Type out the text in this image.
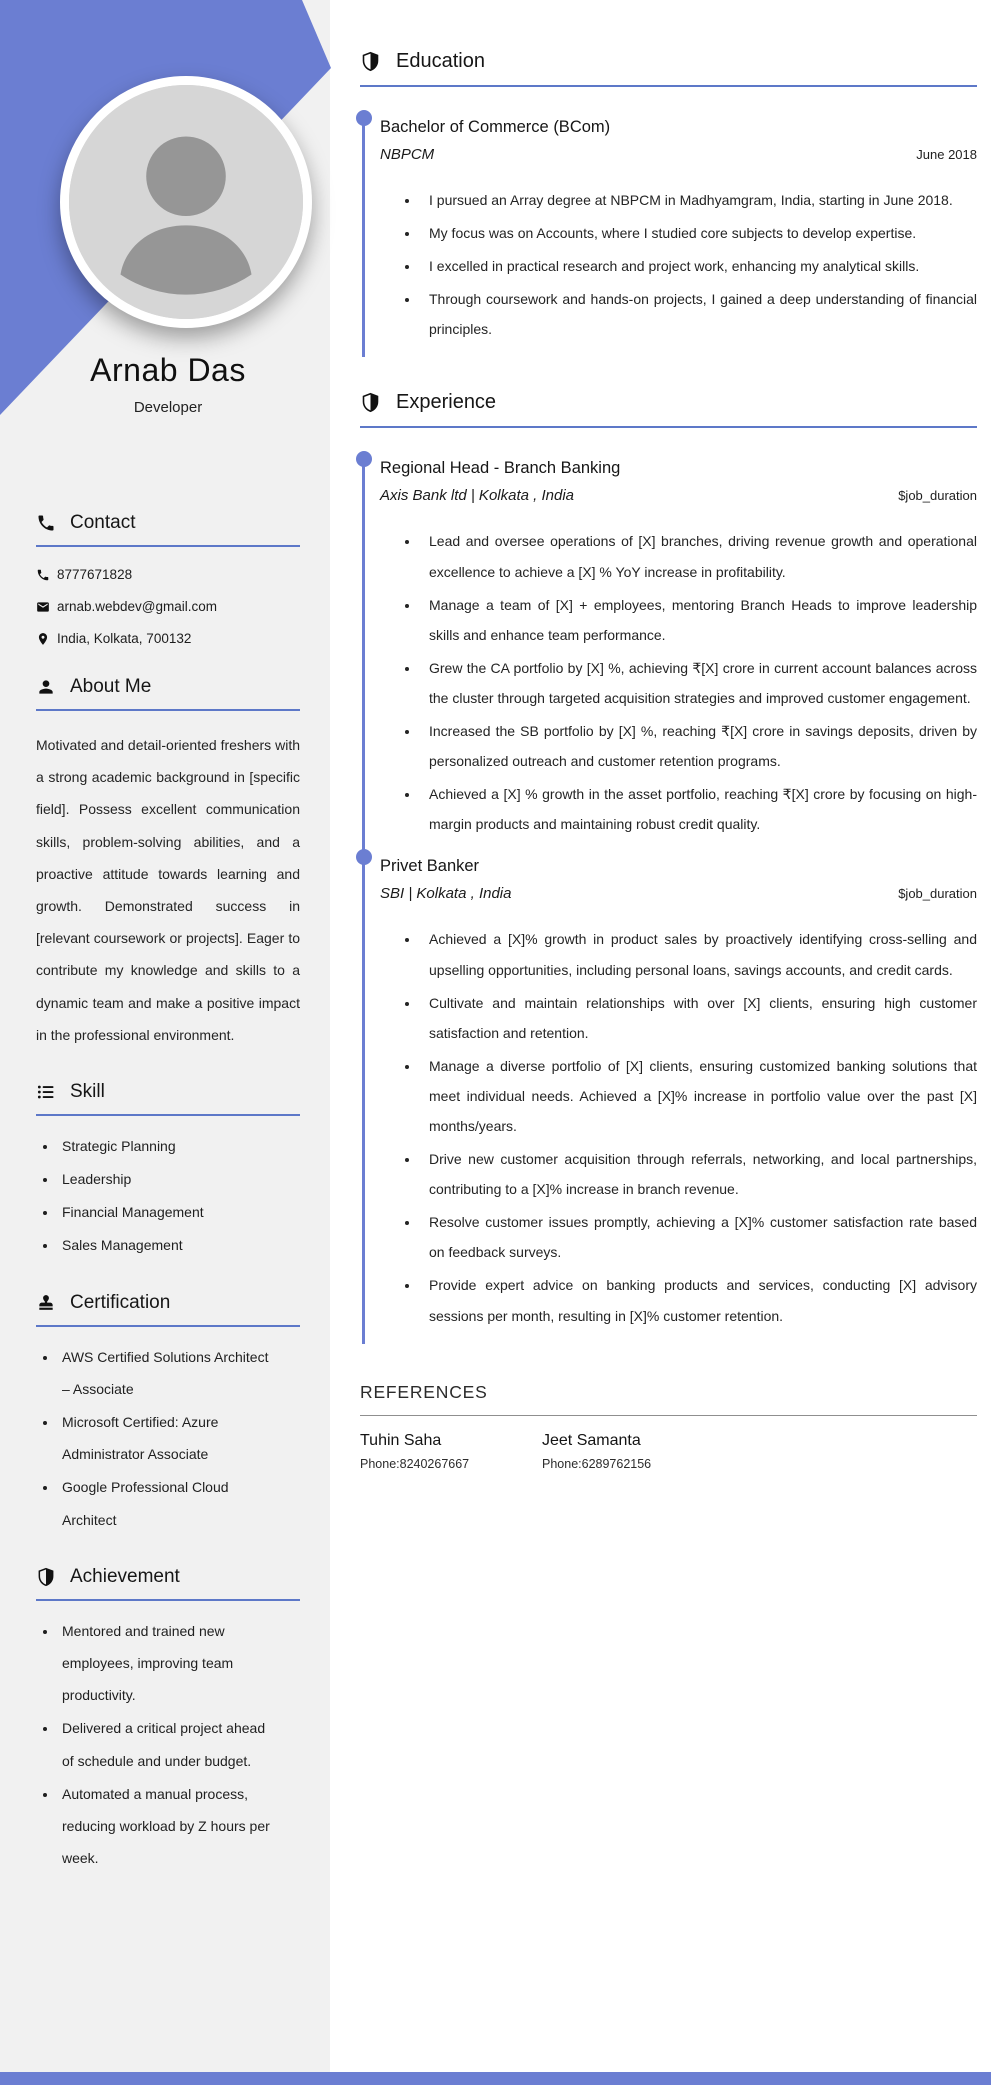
Arnab Das
Developer
Contact
8777671828
arnab.webdev@gmail.com
India, Kolkata, 700132
About Me

Motivated and detail-oriented freshers with a strong academic background in [specific field]. Possess excellent communication skills, problem-solving abilities, and a proactive attitude towards learning and growth. Demonstrated success in [relevant coursework or projects]. Eager to contribute my knowledge and skills to a dynamic team and make a positive impact in the professional environment.

Skill
• Strategic Planning
• Leadership
• Financial Management
• Sales Management
Certification
• AWS Certified Solutions Architect – Associate
• Microsoft Certified: Azure Administrator Associate
• Google Professional Cloud Architect
Achievement
• Mentored and trained new employees, improving team productivity.
• Delivered a critical project ahead of schedule and under budget.
• Automated a manual process, reducing workload by Z hours per week.
Education
Bachelor of Commerce (BCom)
NBPCM	June 2018
• I pursued an Array degree at NBPCM in Madhyamgram, India, starting in June 2018.
• My focus was on Accounts, where I studied core subjects to develop expertise.
• I excelled in practical research and project work, enhancing my analytical skills.
• Through coursework and hands-on projects, I gained a deep understanding of financial principles.
Experience
Regional Head - Branch Banking
Axis Bank ltd | Kolkata , India	$job_duration
• Lead and oversee operations of [X] branches, driving revenue growth and operational excellence to achieve a [X] % YoY increase in profitability.
• Manage a team of [X] + employees, mentoring Branch Heads to improve leadership skills and enhance team performance.
• Grew the CA portfolio by [X] %, achieving ₹[X] crore in current account balances across the cluster through targeted acquisition strategies and improved customer engagement.
• Increased the SB portfolio by [X] %, reaching ₹[X] crore in savings deposits, driven by personalized outreach and customer retention programs.
• Achieved a [X] % growth in the asset portfolio, reaching ₹[X] crore by focusing on high-margin products and maintaining robust credit quality.
Privet Banker
SBI | Kolkata , India	$job_duration
• Achieved a [X]% growth in product sales by proactively identifying cross-selling and upselling opportunities, including personal loans, savings accounts, and credit cards.
• Cultivate and maintain relationships with over [X] clients, ensuring high customer satisfaction and retention.
• Manage a diverse portfolio of [X] clients, ensuring customized banking solutions that meet individual needs. Achieved a [X]% increase in portfolio value over the past [X] months/years.
• Drive new customer acquisition through referrals, networking, and local partnerships, contributing to a [X]% increase in branch revenue.
• Resolve customer issues promptly, achieving a [X]% customer satisfaction rate based on feedback surveys.
• Provide expert advice on banking products and services, conducting [X] advisory sessions per month, resulting in [X]% customer retention.
REFERENCES
Tuhin Saha
Phone:8240267667
Jeet Samanta
Phone:6289762156
